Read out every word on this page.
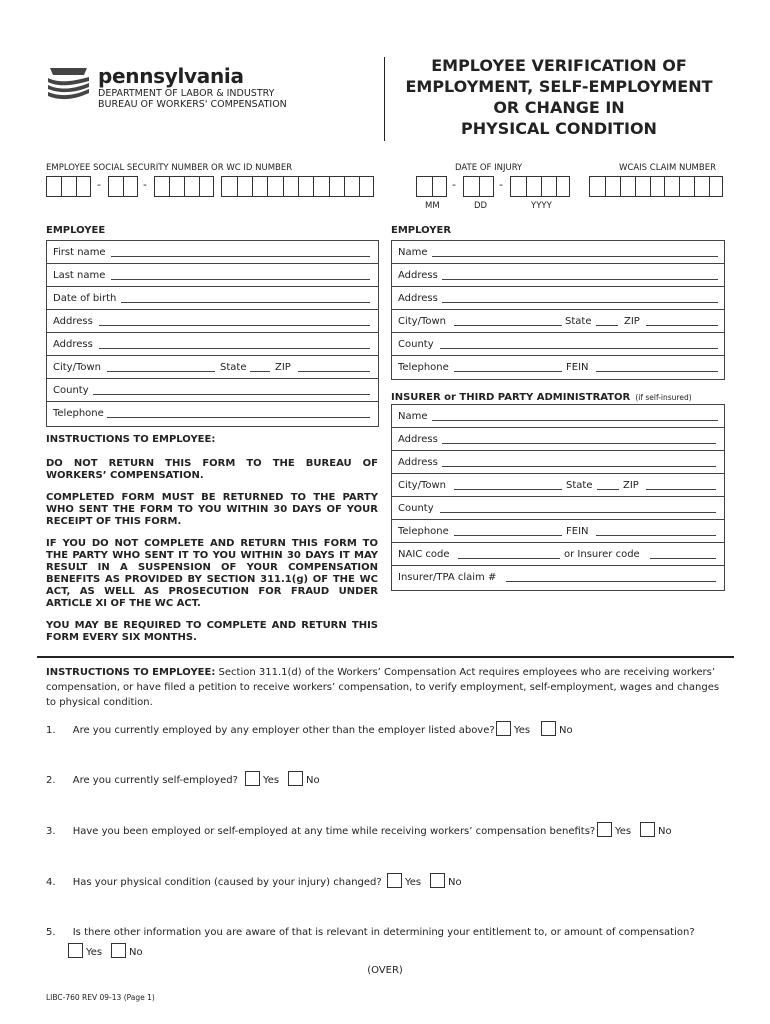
pennsylvania
DEPARTMENT OF LABOR & INDUSTRY
BUREAU OF WORKERS' COMPENSATION
EMPLOYEE VERIFICATION OF
EMPLOYMENT, SELF-EMPLOYMENT
OR CHANGE IN
PHYSICAL CONDITION
EMPLOYEE SOCIAL SECURITY NUMBER OR WC ID NUMBER	DATE OF INJURY	WCAIS CLAIM NUMBER
-	-	-	-
MM	DD	YYYY
EMPLOYEE	EMPLOYER
First name
Last name
Date of birth
Address
Address
City/Town	State	ZIP
County
Telephone
Name
Address
Address
City/Town	State	ZIP
County
Telephone	FEIN
INSURER or THIRD PARTY ADMINISTRATOR (if self-insured)
Name
Address
Address
City/Town	State	ZIP
County
Telephone	FEIN
NAIC code	or Insurer code
Insurer/TPA claim #
INSTRUCTIONS TO EMPLOYEE:
DO NOT RETURN THIS FORM TO THE BUREAU OF WORKERS’ COMPENSATION.
COMPLETED FORM MUST BE RETURNED TO THE PARTY WHO SENT THE FORM TO YOU WITHIN 30 DAYS OF YOUR RECEIPT OF THIS FORM.
IF YOU DO NOT COMPLETE AND RETURN THIS FORM TO THE PARTY WHO SENT IT TO YOU WITHIN 30 DAYS IT MAY RESULT IN A SUSPENSION OF YOUR COMPENSATION BENEFITS AS PROVIDED BY SECTION 311.1(g) OF THE WC ACT, AS WELL AS PROSECUTION FOR FRAUD UNDER ARTICLE XI OF THE WC ACT.
YOU MAY BE REQUIRED TO COMPLETE AND RETURN THIS FORM EVERY SIX MONTHS.
INSTRUCTIONS TO EMPLOYEE: Section 311.1(d) of the Workers’ Compensation Act requires employees who are receiving workers’ compensation, or have filed a petition to receive workers’ compensation, to verify employment, self-employment, wages and changes to physical condition.
1. Are you currently employed by any employer other than the employer listed above?	Yes	No
2. Are you currently self-employed?	Yes	No
3. Have you been employed or self-employed at any time while receiving workers’ compensation benefits?	Yes	No
4. Has your physical condition (caused by your injury) changed?	Yes	No
5. Is there other information you are aware of that is relevant in determining your entitlement to, or amount of compensation?
Yes	No
(OVER)
LIBC-760 REV 09-13 (Page 1)
